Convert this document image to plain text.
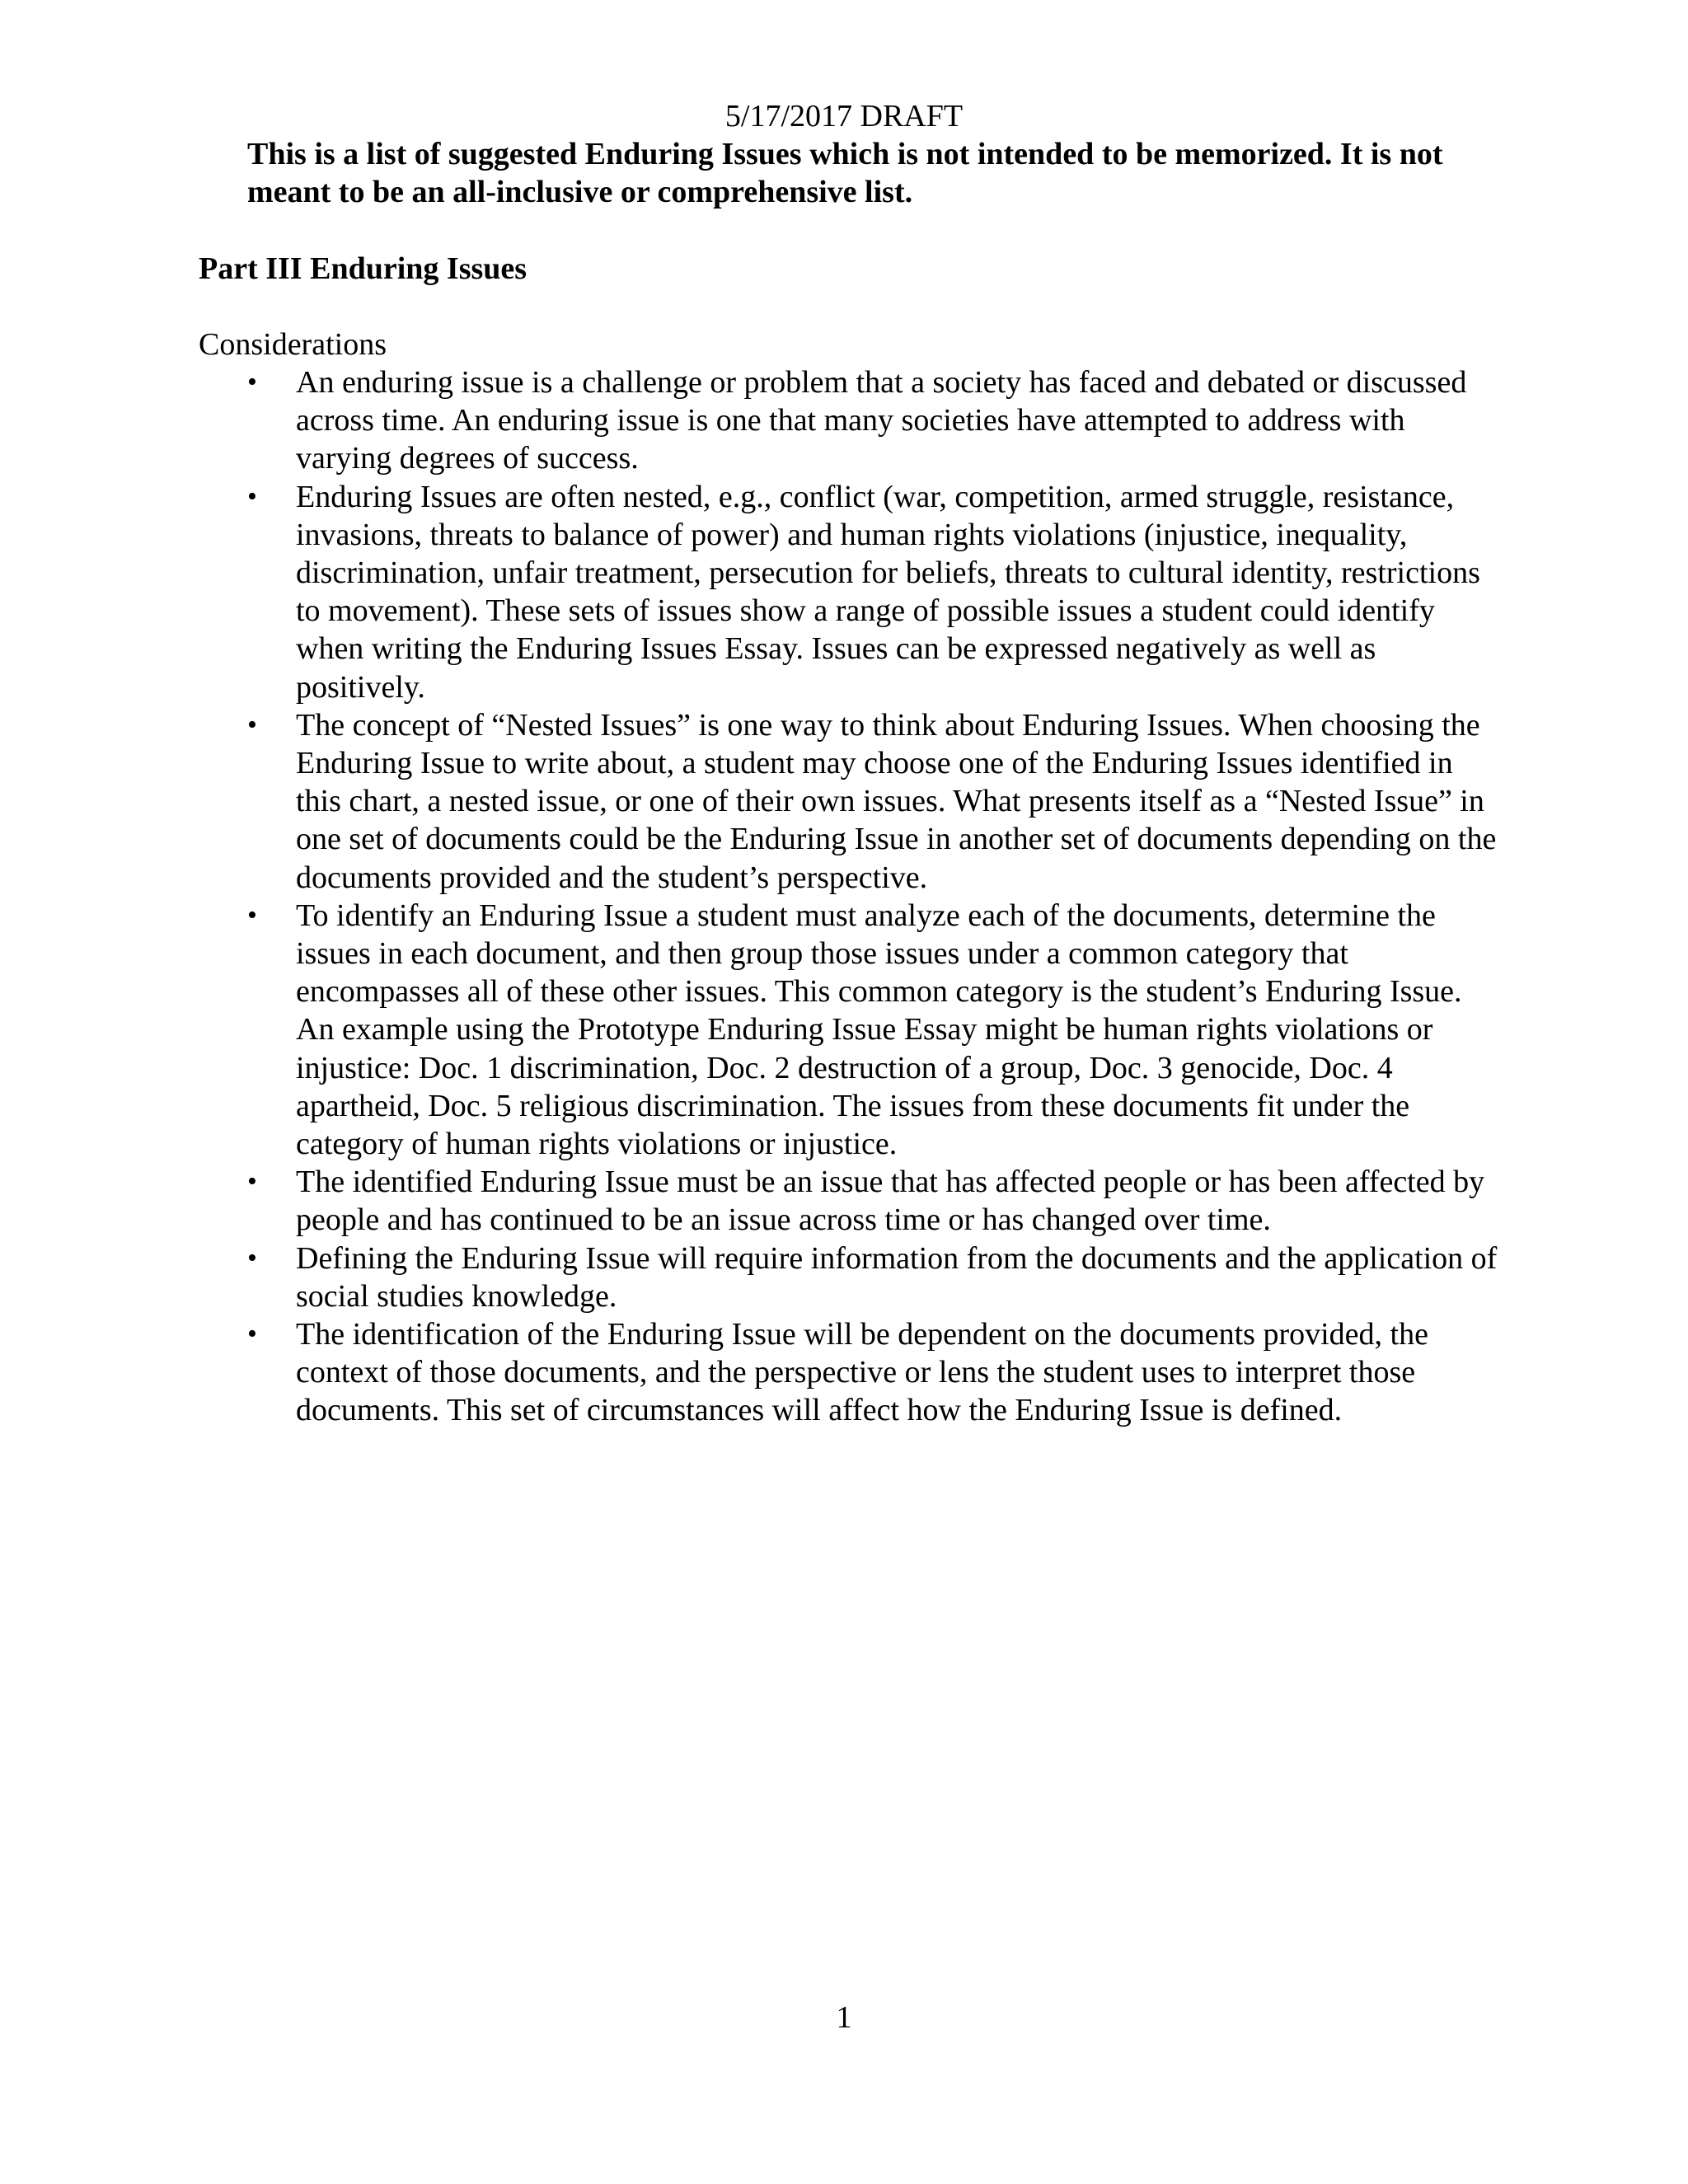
5/17/2017 DRAFT
This is a list of suggested Enduring Issues which is not intended to be memorized. It is not meant to be an all-inclusive or comprehensive list.
Part III Enduring Issues
Considerations
• An enduring issue is a challenge or problem that a society has faced and debated or discussed across time. An enduring issue is one that many societies have attempted to address with varying degrees of success.
• Enduring Issues are often nested, e.g., conflict (war, competition, armed struggle, resistance, invasions, threats to balance of power) and human rights violations (injustice, inequality, discrimination, unfair treatment, persecution for beliefs, threats to cultural identity, restrictions to movement). These sets of issues show a range of possible issues a student could identify when writing the Enduring Issues Essay. Issues can be expressed negatively as well as positively.
• The concept of “Nested Issues” is one way to think about Enduring Issues. When choosing the Enduring Issue to write about, a student may choose one of the Enduring Issues identified in this chart, a nested issue, or one of their own issues. What presents itself as a “Nested Issue” in one set of documents could be the Enduring Issue in another set of documents depending on the documents provided and the student’s perspective.
• To identify an Enduring Issue a student must analyze each of the documents, determine the issues in each document, and then group those issues under a common category that encompasses all of these other issues. This common category is the student’s Enduring Issue. An example using the Prototype Enduring Issue Essay might be human rights violations or injustice: Doc. 1 discrimination, Doc. 2 destruction of a group, Doc. 3 genocide, Doc. 4 apartheid, Doc. 5 religious discrimination. The issues from these documents fit under the category of human rights violations or injustice.
• The identified Enduring Issue must be an issue that has affected people or has been affected by people and has continued to be an issue across time or has changed over time.
• Defining the Enduring Issue will require information from the documents and the application of social studies knowledge.
• The identification of the Enduring Issue will be dependent on the documents provided, the context of those documents, and the perspective or lens the student uses to interpret those documents. This set of circumstances will affect how the Enduring Issue is defined.
1
